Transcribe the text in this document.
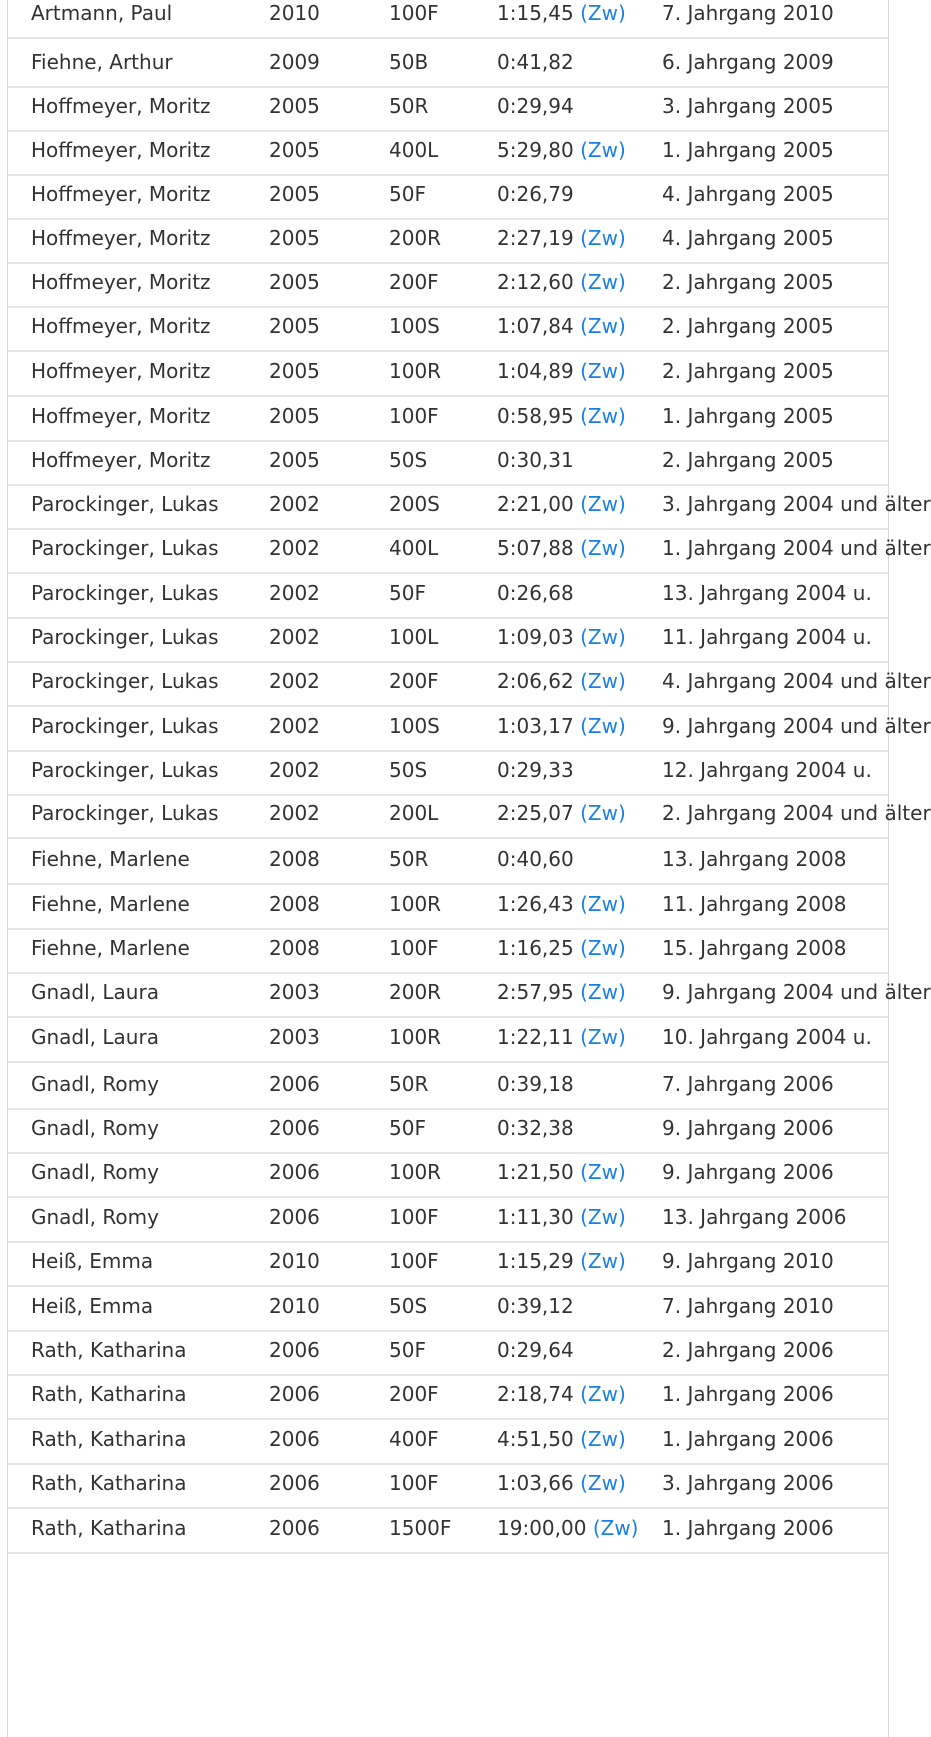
Artmann, Paul	2010	100F	1:15,45 (Zw)	7. Jahrgang 2010
Fiehne, Arthur	2009	50B	0:41,82	6. Jahrgang 2009
Hoffmeyer, Moritz	2005	50R	0:29,94	3. Jahrgang 2005
Hoffmeyer, Moritz	2005	400L	5:29,80 (Zw)	1. Jahrgang 2005
Hoffmeyer, Moritz	2005	50F	0:26,79	4. Jahrgang 2005
Hoffmeyer, Moritz	2005	200R	2:27,19 (Zw)	4. Jahrgang 2005
Hoffmeyer, Moritz	2005	200F	2:12,60 (Zw)	2. Jahrgang 2005
Hoffmeyer, Moritz	2005	100S	1:07,84 (Zw)	2. Jahrgang 2005
Hoffmeyer, Moritz	2005	100R	1:04,89 (Zw)	2. Jahrgang 2005
Hoffmeyer, Moritz	2005	100F	0:58,95 (Zw)	1. Jahrgang 2005
Hoffmeyer, Moritz	2005	50S	0:30,31	2. Jahrgang 2005
Parockinger, Lukas	2002	200S	2:21,00 (Zw)	3. Jahrgang 2004 und älter
Parockinger, Lukas	2002	400L	5:07,88 (Zw)	1. Jahrgang 2004 und älter
Parockinger, Lukas	2002	50F	0:26,68	13. Jahrgang 2004 u.
Parockinger, Lukas	2002	100L	1:09,03 (Zw)	11. Jahrgang 2004 u.
Parockinger, Lukas	2002	200F	2:06,62 (Zw)	4. Jahrgang 2004 und älter
Parockinger, Lukas	2002	100S	1:03,17 (Zw)	9. Jahrgang 2004 und älter
Parockinger, Lukas	2002	50S	0:29,33	12. Jahrgang 2004 u.
Parockinger, Lukas	2002	200L	2:25,07 (Zw)	2. Jahrgang 2004 und älter
Fiehne, Marlene	2008	50R	0:40,60	13. Jahrgang 2008
Fiehne, Marlene	2008	100R	1:26,43 (Zw)	11. Jahrgang 2008
Fiehne, Marlene	2008	100F	1:16,25 (Zw)	15. Jahrgang 2008
Gnadl, Laura	2003	200R	2:57,95 (Zw)	9. Jahrgang 2004 und älter
Gnadl, Laura	2003	100R	1:22,11 (Zw)	10. Jahrgang 2004 u.
Gnadl, Romy	2006	50R	0:39,18	7. Jahrgang 2006
Gnadl, Romy	2006	50F	0:32,38	9. Jahrgang 2006
Gnadl, Romy	2006	100R	1:21,50 (Zw)	9. Jahrgang 2006
Gnadl, Romy	2006	100F	1:11,30 (Zw)	13. Jahrgang 2006
Heiß, Emma	2010	100F	1:15,29 (Zw)	9. Jahrgang 2010
Heiß, Emma	2010	50S	0:39,12	7. Jahrgang 2010
Rath, Katharina	2006	50F	0:29,64	2. Jahrgang 2006
Rath, Katharina	2006	200F	2:18,74 (Zw)	1. Jahrgang 2006
Rath, Katharina	2006	400F	4:51,50 (Zw)	1. Jahrgang 2006
Rath, Katharina	2006	100F	1:03,66 (Zw)	3. Jahrgang 2006
Rath, Katharina	2006	1500F	19:00,00 (Zw)	1. Jahrgang 2006
